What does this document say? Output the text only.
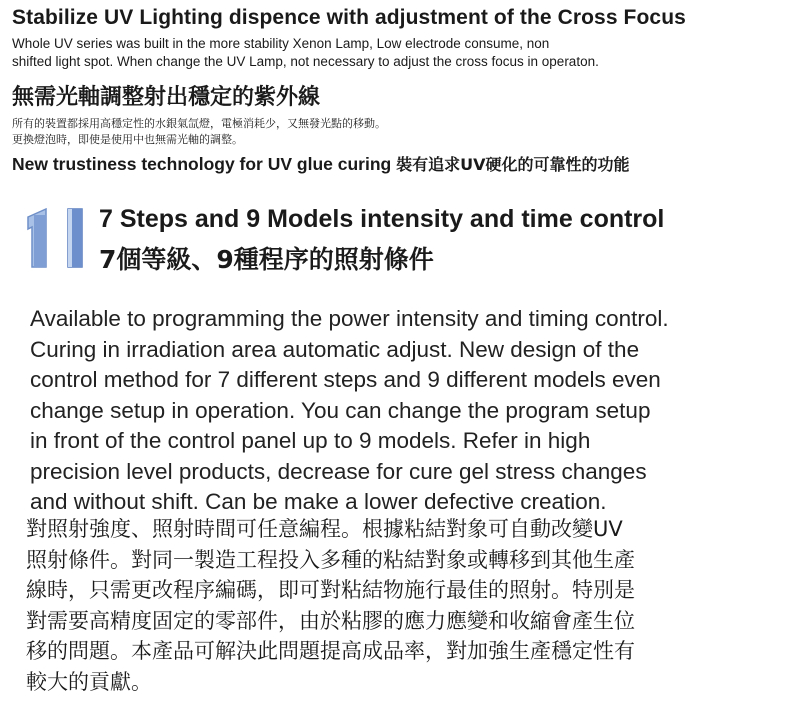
Stabilize UV Lighting dispence with adjustment of the Cross Focus
Whole UV series was built in the more stability Xenon Lamp, Low electrode consume, non
shifted light spot. When change the UV Lamp, not necessary to adjust the cross focus in operaton.
無需光軸調整射出穩定的紫外線
所有的裝置都採用高穩定性的水銀氣氙燈，電極消耗少，又無發光點的移動。
更換燈泡時，即使是使用中也無需光軸的調整。
New trustiness technology for UV glue curing 裝有追求UV硬化的可靠性的功能
7 Steps and 9 Models intensity and time control
7個等級、9種程序的照射條件
Available to programming the power intensity and timing control.
Curing in irradiation area automatic adjust. New design of the
control method for 7 different steps and 9 different models even
change setup in operation. You can change the program setup
in front of the control panel up to 9 models. Refer in high
precision level products, decrease for cure gel stress changes
and without shift. Can be make a lower defective creation.
對照射強度、照射時間可任意編程。根據粘結對象可自動改變UV
照射條件。對同一製造工程投入多種的粘結對象或轉移到其他生產
線時，只需更改程序編碼，即可對粘結物施行最佳的照射。特別是
對需要高精度固定的零部件，由於粘膠的應力應變和收縮會產生位
移的問題。本產品可解決此問題提高成品率，對加強生產穩定性有
較大的貢獻。
